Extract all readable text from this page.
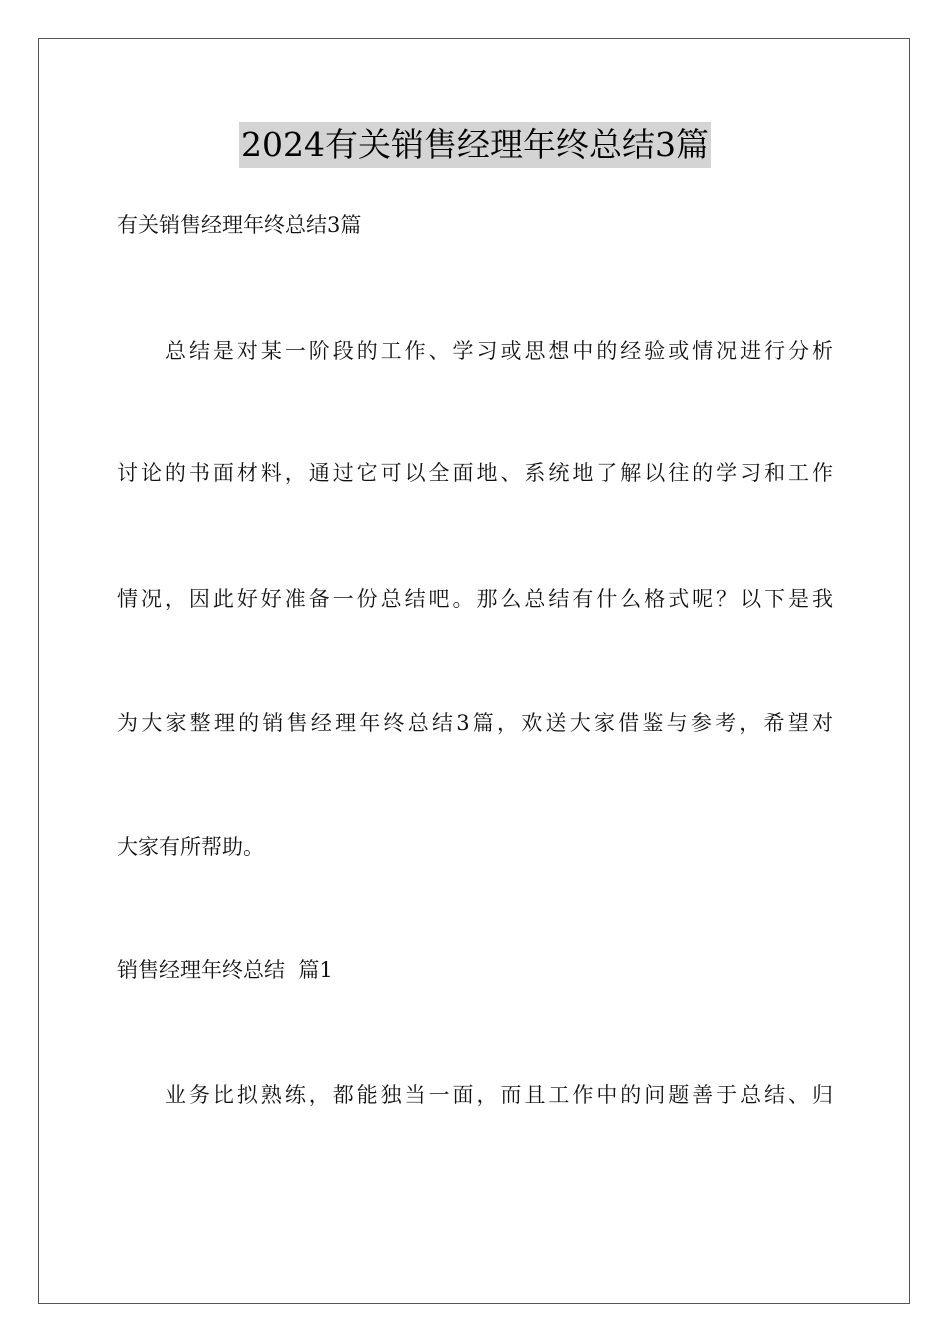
2024有关销售经理年终总结3篇
有关销售经理年终总结3篇
总结是对某一阶段的工作、学习或思想中的经验或情况进行分析
讨论的书面材料，通过它可以全面地、系统地了解以往的学习和工作
情况，因此好好准备一份总结吧。那么总结有什么格式呢？以下是我
为大家整理的销售经理年终总结3篇，欢送大家借鉴与参考，希望对
大家有所帮助。
销售经理年终总结  篇1
业务比拟熟练，都能独当一面，而且工作中的问题善于总结、归
